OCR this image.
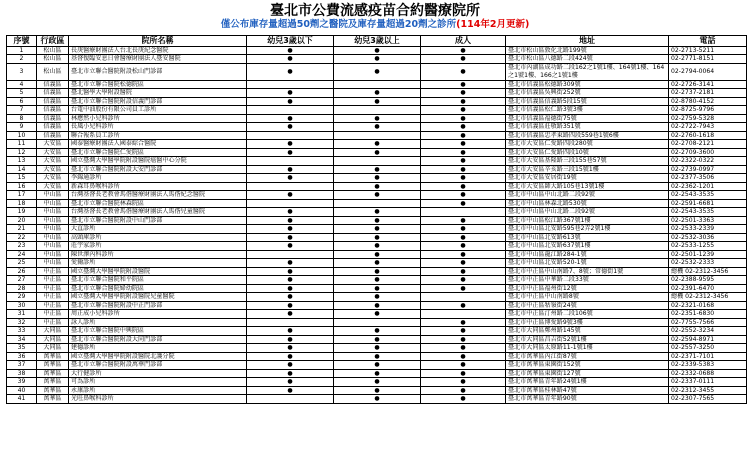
臺北市公費流感疫苗合約醫療院所
僅公布庫存量超過50劑之醫院及庫存量超過20劑之診所(114年2月更新)
序號	行政區	院所名稱	幼兒3歲以下	幼兒3歲以上	成人	地址	電話
1	松山區	長庚醫療財團法人台北長庚紀念醫院	●	●	●	臺北市松山區敦化北路199號	02-2713-5211
2	松山區	基督復臨安息日會醫療財團法人臺安醫院	●	●	●	臺北市松山區八德路二段424號	02-2771-8151
3	松山區	臺北市立聯合醫院附設松山門診部	●	●	●	臺北市內湖區成功路二段162之1號1樓、164號1樓、164之1號1樓、166之1號1樓	02-2794-0064
4	信義區	臺北市立聯合醫院松德院區			●	臺北市信義區松德路309號	02-2726-3141
5	信義區	臺北醫學大學附設醫院	●	●	●	臺北市信義區吳興街252號	02-2737-2181
6	信義區	臺北市立聯合醫院附設信義門診部	●	●	●	臺北市信義區信義路5段15號	02-8780-4152
7	信義區	台電中油股份有限公司員工診所			●	臺北市信義區松仁路3號3樓	02-8725-9796
8	信義區	林應然小兒科診所	●	●	●	臺北市信義區福德街75號	02-2759-5328
9	信義區	長風小兒科診所	●	●	●	臺北市信義區莊敬路351號	02-2722-7943
10	信義區	聯合報系員工診所			●	臺北市信義區忠孝東路四段559巷1號6樓	02-2760-1618
11	大安區	國泰醫療財團法人國泰綜合醫院	●	●	●	臺北市大安區仁愛路四段280號	02-2708-2121
12	大安區	臺北市立聯合醫院仁愛院區	●	●	●	臺北市大安區仁愛路四段10號	02-2709-3600
13	大安區	國立臺灣大學醫學院附設醫院癌醫中心分院			●	臺北市大安區基隆路三段155巷57號	02-2322-0322
14	大安區	臺北市立聯合醫院附設大安門診部	●	●	●	臺北市大安區辛亥路三段15號1樓	02-2739-0997
15	大安區	李錦通診所	●	●	●	臺北市大安區安居街19號	02-2377-3506
16	大安區	新森耳鼻喉科診所		●	●	臺北市大安區師大路105巷13號1樓	02-2362-1201
17	中山區	台灣基督長老教會馬偕醫療財團法人馬偕紀念醫院	●	●	●	臺北市中山區中山北路二段92號	02-2543-3535
18	中山區	臺北市立聯合醫院林森院區			●	臺北市中山區林森北路530號	02-2591-6681
19	中山區	台灣基督長老教會馬偕醫療財團法人馬偕兒童醫院	●	●		臺北市中山區中山北路二段92號	02-2543-3535
20	中山區	臺北市立聯合醫院附設中山門診部	●	●	●	臺北市中山區松江路367號1樓	02-2501-3363
21	中山區	大直診所	●	●	●	臺北市中山區北安路595巷2弄2號1樓	02-2533-2339
22	中山區	高頭庫診所	●	●	●	臺北市中山區北安路613號	02-2532-3036
23	中山區	莊宇家診所	●	●	●	臺北市中山區北安路637號1樓	02-2533-1255
24	中山區	陳世澤內科診所		●	●	臺北市中山區龍江路284-1號	02-2501-1239
25	中山區	愛爾診所	●	●	●	臺北市中山區北安路520-1號	02-2532-2333
26	中正區	國立臺灣大學醫學院附設醫院	●	●	●	臺北市中正區中山南路7、8號；常德街1號	總機 02-2312-3456
27	中正區	臺北市立聯合醫院和平院區	●	●	●	臺北市中正區中華路二段33號	02-2388-9595
28	中正區	臺北市立聯合醫院婦幼院區	●	●	●	臺北市中正區福州街12號	02-2391-6470
29	中正區	國立臺灣大學醫學院附設醫院兒童醫院	●	●		臺北市中正區中山南路8號	總機 02-2312-3456
30	中正區	臺北市立聯合醫院附設中正門診部	●	●	●	臺北市中正區牯嶺街24號	02-2321-0168
31	中正區	周正成小兒科診所	●	●		臺北市中正區汀州路二段106號	02-2351-6830
32	中正區	詠人診所			●	臺北市中正區博愛路9號3樓	02-7755-7566
33	大同區	臺北市立聯合醫院中興院區	●	●	●	臺北市大同區鄭州路145號	02-2552-3234
34	大同區	臺北市立聯合醫院附設大同門診部	●	●	●	臺北市大同區昌吉街52號1樓	02-2594-8971
35	大同區	建德診所	●	●	●	臺北市大同區太原路11-1號1樓	02-2557-3250
36	萬華區	國立臺灣大學醫學院附設醫院北護分院	●	●	●	臺北市萬華區內江街87號	02-2371-7101
37	萬華區	臺北市立聯合醫院附設萬華門診部	●	●	●	臺北市萬華區東園街152號	02-2339-5383
38	萬華區	大行健診所	●	●	●	臺北市萬華區東園街127號	02-2332-0688
39	萬華區	可為診所	●	●	●	臺北市萬華區青年路24號1樓	02-2337-0111
40	萬華區	永康診所	●	●	●	臺北市萬華區桂林路47號	02-2312-3455
41	萬華區	光旺鼻喉科診所		●	●	臺北市萬華區青年路90號	02-2307-7565
